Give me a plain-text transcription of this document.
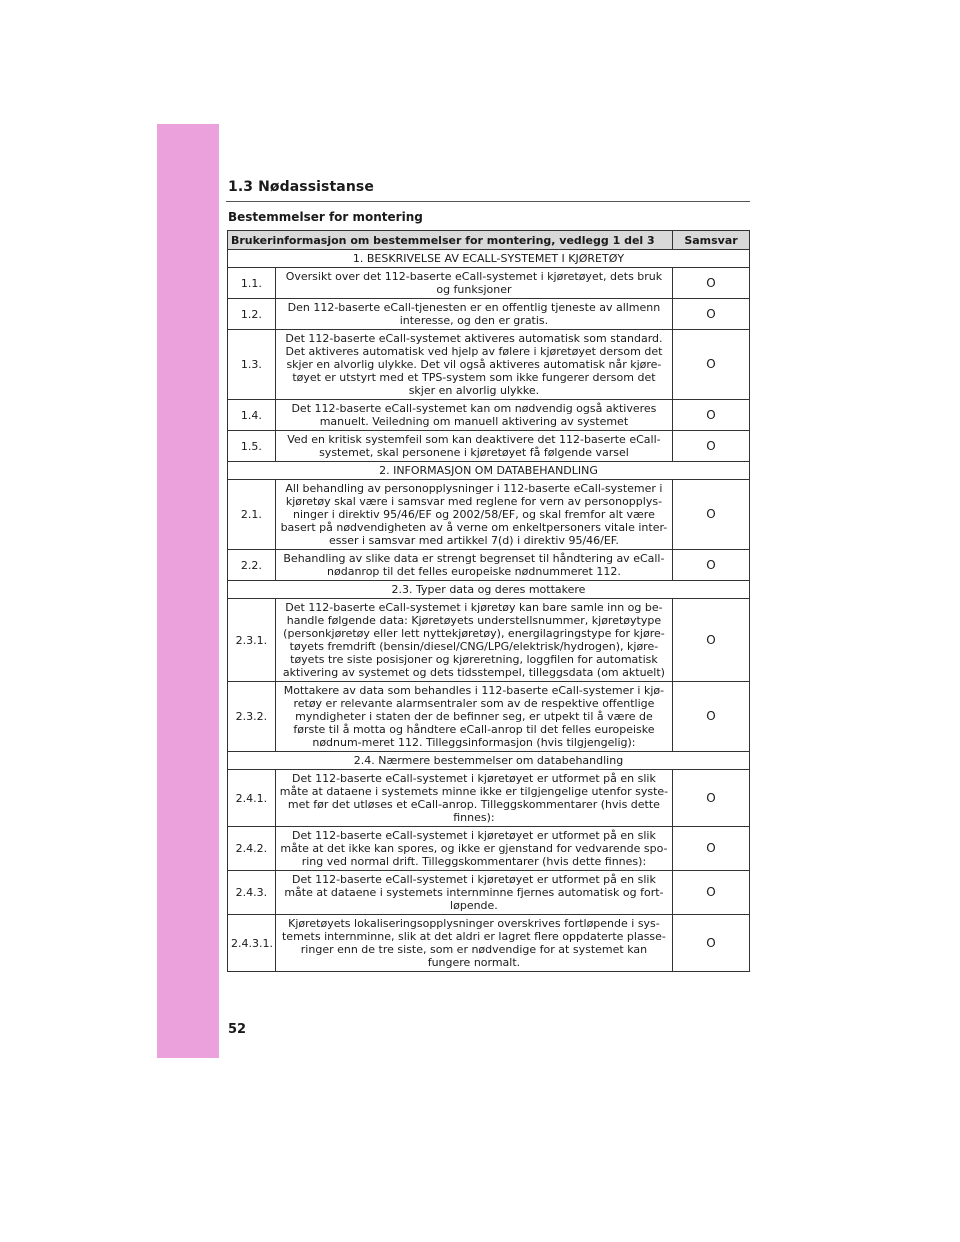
1.3 Nødassistanse
Bestemmelser for montering
Brukerinformasjon om bestemmelser for montering, vedlegg 1 del 3		Samsvar
1. BESKRIVELSE AV ECALL-SYSTEMET I KJØRETØY		
1.1.	Oversikt over det 112-baserte eCall-systemet i kjøretøyet, dets bruk og funksjoner	O
1.2.	Den 112-baserte eCall-tjenesten er en offentlig tjeneste av allmenn interesse, og den er gratis.	O
1.3.	Det 112-baserte eCall-systemet aktiveres automatisk som standard. Det aktiveres automatisk ved hjelp av følere i kjøretøyet dersom det skjer en alvorlig ulykke. Det vil også aktiveres automatisk når kjøre-tøyet er utstyrt med et TPS-system som ikke fungerer dersom det skjer en alvorlig ulykke.	O
1.4.	Det 112-baserte eCall-systemet kan om nødvendig også aktiveres manuelt. Veiledning om manuell aktivering av systemet	O
1.5.	Ved en kritisk systemfeil som kan deaktivere det 112-baserte eCall-systemet, skal personene i kjøretøyet få følgende varsel	O
2. INFORMASJON OM DATABEHANDLING		
2.1.	All behandling av personopplysninger i 112-baserte eCall-systemer i kjøretøy skal være i samsvar med reglene for vern av personopplys-ninger i direktiv 95/46/EF og 2002/58/EF, og skal fremfor alt være basert på nødvendigheten av å verne om enkeltpersoners vitale inter-esser i samsvar med artikkel 7(d) i direktiv 95/46/EF.	O
2.2.	Behandling av slike data er strengt begrenset til håndtering av eCall-nødanrop til det felles europeiske nødnummeret 112.	O
2.3. Typer data og deres mottakere		
2.3.1.	Det 112-baserte eCall-systemet i kjøretøy kan bare samle inn og be-handle følgende data: Kjøretøyets understellsnummer, kjøretøytype (personkjøretøy eller lett nyttekjøretøy), energilagringstype for kjøre-tøyets fremdrift (bensin/diesel/CNG/LPG/elektrisk/hydrogen), kjøre-tøyets tre siste posisjoner og kjøreretning, loggfilen for automatisk aktivering av systemet og dets tidsstempel, tilleggsdata (om aktuelt)	O
2.3.2.	Mottakere av data som behandles i 112-baserte eCall-systemer i kjø-retøy er relevante alarmsentraler som av de respektive offentlige myndigheter i staten der de befinner seg, er utpekt til å være de første til å motta og håndtere eCall-anrop til det felles europeiske nødnum-meret 112. Tilleggsinformasjon (hvis tilgjengelig):	O
2.4. Nærmere bestemmelser om databehandling		
2.4.1.	Det 112-baserte eCall-systemet i kjøretøyet er utformet på en slik måte at dataene i systemets minne ikke er tilgjengelige utenfor syste-met før det utløses et eCall-anrop. Tilleggskommentarer (hvis dette finnes):	O
2.4.2.	Det 112-baserte eCall-systemet i kjøretøyet er utformet på en slik måte at det ikke kan spores, og ikke er gjenstand for vedvarende spo-ring ved normal drift. Tilleggskommentarer (hvis dette finnes):	O
2.4.3.	Det 112-baserte eCall-systemet i kjøretøyet er utformet på en slik måte at dataene i systemets internminne fjernes automatisk og fort-løpende.	O
2.4.3.1.	Kjøretøyets lokaliseringsopplysninger overskrives fortløpende i sys-temets internminne, slik at det aldri er lagret flere oppdaterte plasse-ringer enn de tre siste, som er nødvendige for at systemet kan fungere normalt.	O
52
